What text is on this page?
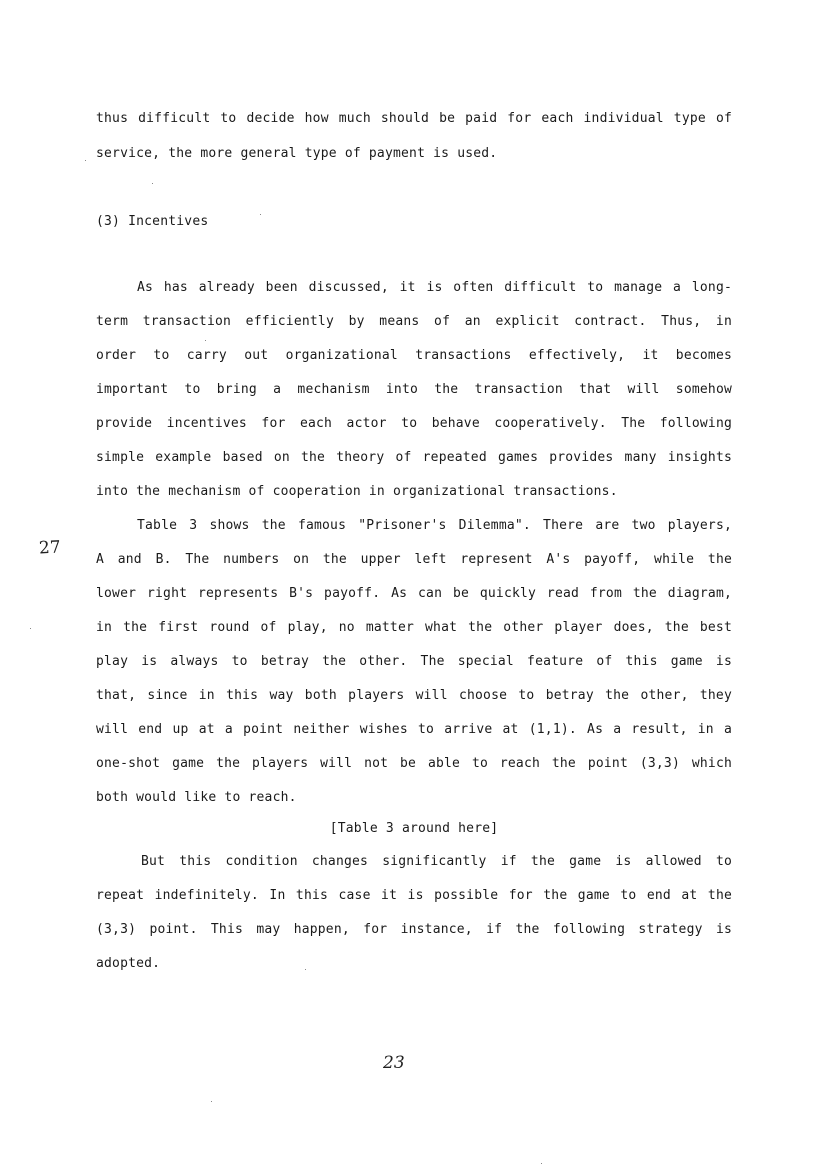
thus difficult to decide how much should be paid for each individual type of
service, the more general type of payment is used.
(3) Incentives
As has already been discussed, it is often difficult to manage a long-
term transaction efficiently by means of an explicit contract. Thus, in
order to carry out organizational transactions effectively, it becomes
important to bring a mechanism into the transaction that will somehow
provide incentives for each actor to behave cooperatively. The following
simple example based on the theory of repeated games provides many insights
into the mechanism of cooperation in organizational transactions.
Table 3 shows the famous "Prisoner's Dilemma". There are two players,
A and B. The numbers on the upper left represent A's payoff, while the
lower right represents B's payoff. As can be quickly read from the diagram,
in the first round of play, no matter what the other player does, the best
play is always to betray the other. The special feature of this game is
that, since in this way both players will choose to betray the other, they
will end up at a point neither wishes to arrive at (1,1). As a result, in a
one-shot game the players will not be able to reach the point (3,3) which
both would like to reach.
[Table 3 around here]
But this condition changes significantly if the game is allowed to
repeat indefinitely. In this case it is possible for the game to end at the
(3,3) point. This may happen, for instance, if the following strategy is
adopted.
27
23
